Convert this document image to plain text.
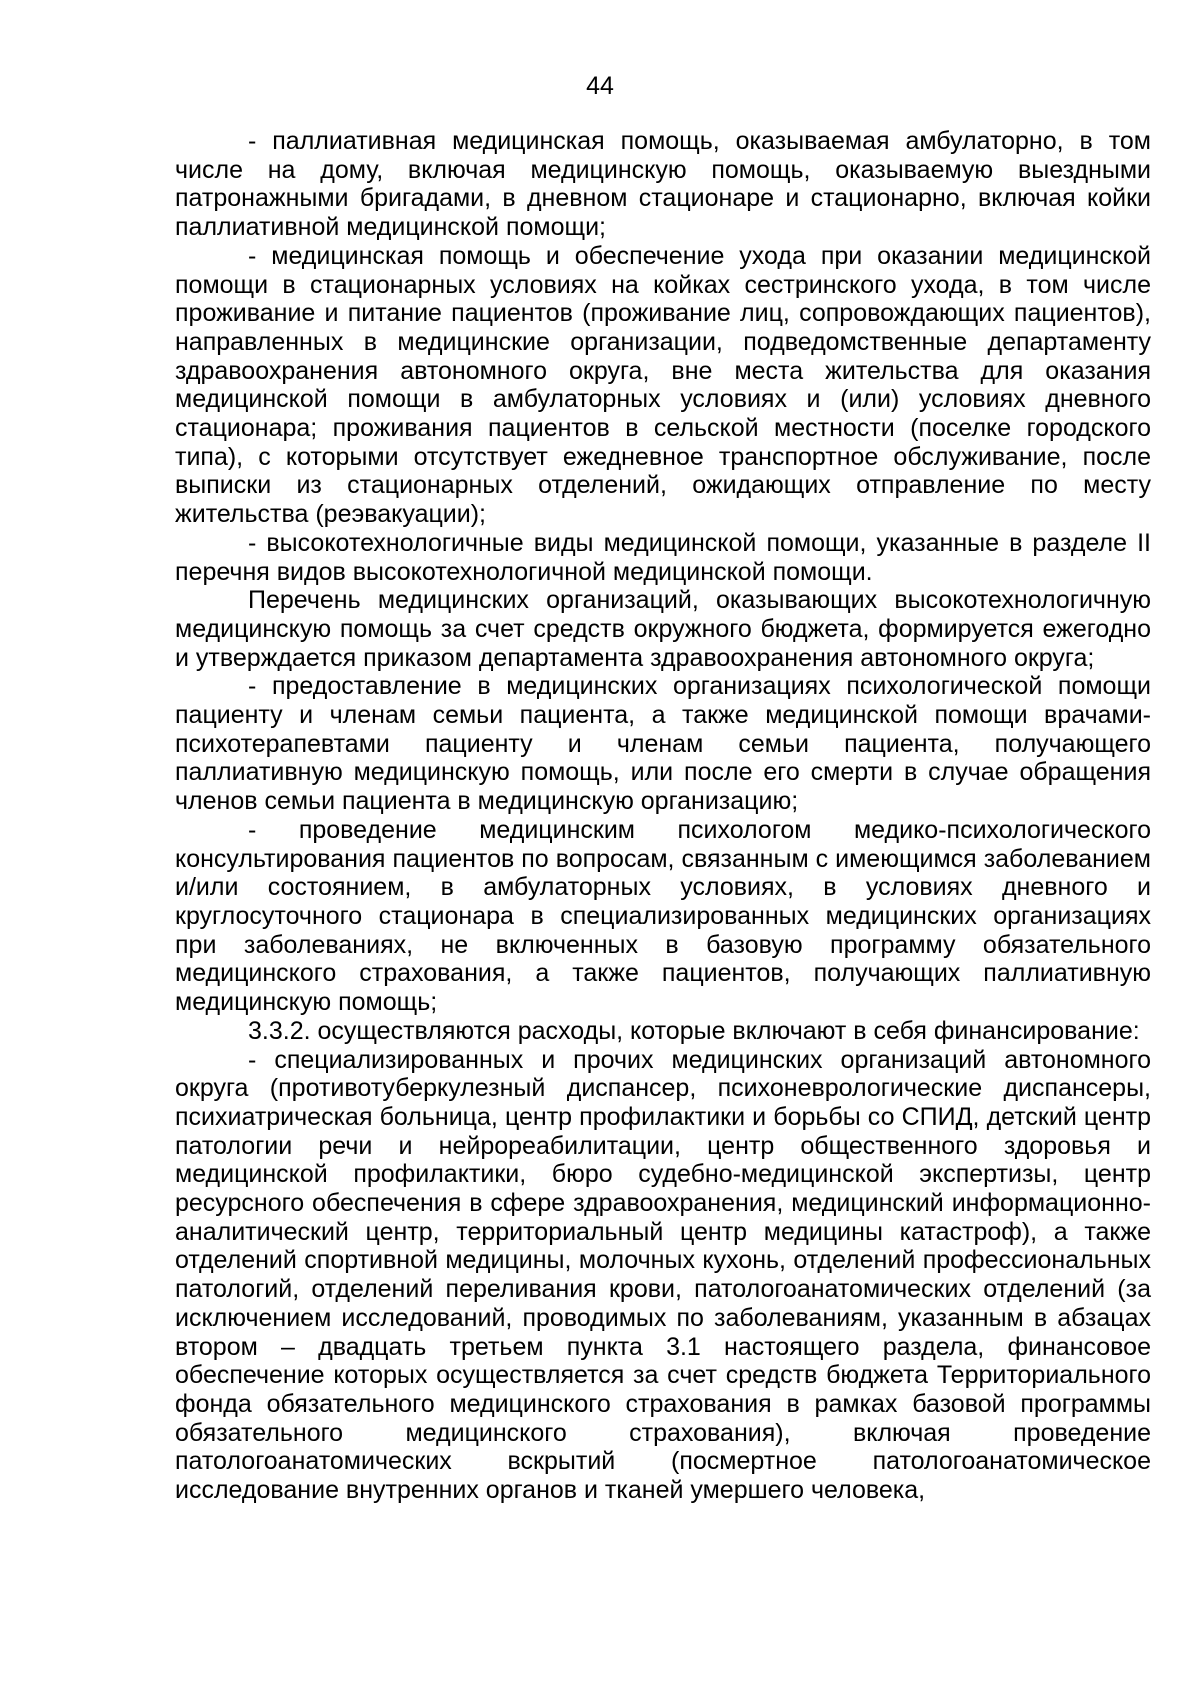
44

- паллиативная медицинская помощь, оказываемая амбулаторно, в том числе на дому, включая медицинскую помощь, оказываемую выездными патронажными бригадами, в дневном стационаре и стационарно, включая койки паллиативной медицинской помощи;

- медицинская помощь и обеспечение ухода при оказании медицинской помощи в стационарных условиях на койках сестринского ухода, в том числе проживание и питание пациентов (проживание лиц, сопровождающих пациентов), направленных в медицинские организации, подведомственные департаменту здравоохранения автономного округа, вне места жительства для оказания медицинской помощи в амбулаторных условиях и (или) условиях дневного стационара; проживания пациентов в сельской местности (поселке городского типа), с которыми отсутствует ежедневное транспортное обслуживание, после выписки из стационарных отделений, ожидающих отправление по месту жительства (реэвакуации);

- высокотехнологичные виды медицинской помощи, указанные в разделе II перечня видов высокотехнологичной медицинской помощи.

Перечень медицинских организаций, оказывающих высокотехнологичную медицинскую помощь за счет средств окружного бюджета, формируется ежегодно и утверждается приказом департамента здравоохранения автономного округа;

- предоставление в медицинских организациях психологической помощи пациенту и членам семьи пациента, а также медицинской помощи врачами-психотерапевтами пациенту и членам семьи пациента, получающего паллиативную медицинскую помощь, или после его смерти в случае обращения членов семьи пациента в медицинскую организацию;

- проведение медицинским психологом медико-психологического консультирования пациентов по вопросам, связанным с имеющимся заболеванием и/или состоянием, в амбулаторных условиях, в условиях дневного и круглосуточного стационара в специализированных медицинских организациях при заболеваниях, не включенных в базовую программу обязательного медицинского страхования, а также пациентов, получающих паллиативную медицинскую помощь;

3.3.2. осуществляются расходы, которые включают в себя финансирование:

- специализированных и прочих медицинских организаций автономного округа (противотуберкулезный диспансер, психоневрологические диспансеры, психиатрическая больница, центр профилактики и борьбы со СПИД, детский центр патологии речи и нейрореабилитации, центр общественного здоровья и медицинской профилактики, бюро судебно-медицинской экспертизы, центр ресурсного обеспечения в сфере здравоохранения, медицинский информационно-аналитический центр, территориальный центр медицины катастроф), а также отделений спортивной медицины, молочных кухонь, отделений профессиональных патологий, отделений переливания крови, патологоанатомических отделений (за исключением исследований, проводимых по заболеваниям, указанным в абзацах втором – двадцать третьем пункта 3.1 настоящего раздела, финансовое обеспечение которых осуществляется за счет средств бюджета Территориального фонда обязательного медицинского страхования в рамках базовой программы обязательного медицинского страхования), включая проведение патологоанатомических вскрытий (посмертное патологоанатомическое исследование внутренних органов и тканей умершего человека,
